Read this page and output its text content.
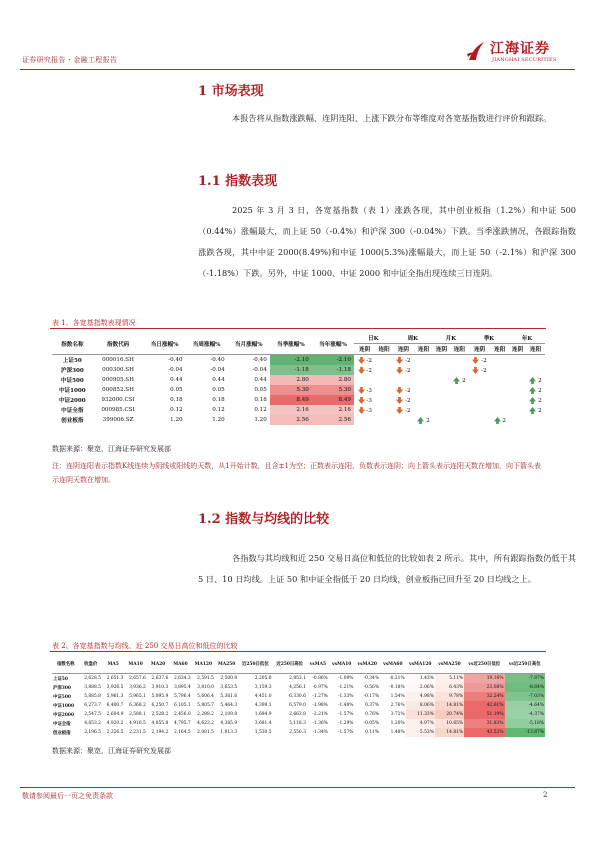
证券研究报告 · 金融工程报告
江海证券
JIANGHAI SECURITIES
1 市场表现
本报告将从指数涨跌幅、连阴连阳、上涨下跌分布等维度对各宽基指数进行评价和跟踪。
1.1 指数表现
2025 年 3 月 3 日，各宽基指数（表 1）涨跌各现，其中创业板指（1.2%）和中证 500（0.44%）涨幅最大，而上证 50（-0.4%）和沪深 300（-0.04%）下跌。当季涨跌情况，各跟踪指数涨跌各现，其中中证 2000(8.49%)和中证 1000(5.3%)涨幅最大，而上证 50（-2.1%）和沪深 300（-1.18%）下跌。另外，中证 1000、中证 2000 和中证全指出现连续三日连阴。
表 1、各宽基指数表现情况
指数名称	指数代码	当日涨幅%	当周涨幅%	当月涨幅%	当季涨幅%	当年涨幅%	日K		周K		月K		季K		年K	
							连阴	连阳	连阴	连阳	连阴	连阳	连阴	连阳	连阴	连阳
上证50	000016.SH	-0.40	-0.40	-0.40	-2.10	-2.10	-2		-2				-2			
沪深300	000300.SH	-0.04	-0.04	-0.04	-1.18	-1.18	-2		-2				-2			
中证500	000905.SH	0.44	0.44	0.44	2.80	2.80						2				2
中证1000	000852.SH	0.05	0.05	0.05	5.30	5.30	-3		-2							2
中证2000	932000.CSI	0.18	0.18	0.18	8.49	8.49	-3		-2							2
中证全指	000985.CSI	0.12	0.12	0.12	2.16	2.16	-3		-2							2
创业板指	399006.SZ	1.20	1.20	1.20	2.56	2.56				2				2		
数据来源：聚宽，江海证券研究发展部
注：连阴连阳表示指数K线连续为阴线或阳线的天数，从1开始计数，且含±1为空；正数表示连阳，负数表示连阴；向上箭头表示连阳天数在增加，向下箭头表示连阴天数在增加。
1.2 指数与均线的比较
各指数与其均线和近 250 交易日高位和低位的比较如表 2 所示。其中，所有跟踪指数仍低于其 5 日、10 日均线。上证 50 和中证全指低于 20 日均线，创业板指已回升至 20 日均线之上。
表 2、各宽基指数与均线、近 250 交易日高位和低位的比较
指数名称	收盘价	MA5	MA10	MA20	MA60	MA120	MA250	近250日低位	近250日高位	vsMA5	vsMA10	vsMA20	vsMA60	vsMA120	vsMA250	vs近250日低位	vs近250日高位
上证50	2,628.5	2,651.3	2,657.6	2,637.6	2,634.3	2,591.5	2,500.8	2,205.8	2,853.1	-0.86%	-1.09%	-0.34%	-0.21%	1.43%	5.11%	19.16%	-7.87%
沪深300	3,888.5	3,926.5	3,936.2	3,910.3	3,895.4	3,810.0	3,653.5	3,159.3	4,256.1	-0.97%	-1.21%	-0.56%	-0.18%	2.06%	6.43%	23.08%	-8.64%
中证500	5,885.8	5,961.3	5,965.1	5,895.9	5,796.4	5,606.4	5,361.6	4,451.0	6,330.6	-1.27%	-1.33%	-0.17%	1.54%	4.98%	9.78%	32.24%	-7.03%
中证1000	6,273.7	6,400.7	6,368.2	6,250.7	6,105.1	5,805.7	5,464.3	4,399.1	6,579.0	-1.98%	-1.48%	0.37%	2.76%	8.06%	14.81%	42.61%	-4.64%
中证2000	2,547.5	2,604.9	2,588.1	2,528.2	2,456.0	2,288.2	2,109.8	1,684.9	2,663.8	-2.21%	-1.57%	0.76%	3.72%	11.33%	20.74%	51.19%	-4.37%
中证全指	4,853.2	4,920.2	4,916.5	4,855.8	4,795.7	4,623.2	4,385.9	3,681.4	5,118.3	-1.36%	-1.29%	-0.05%	1.20%	4.97%	10.65%	31.83%	-5.18%
创业板指	2,196.5	2,226.5	2,231.5	2,194.2	2,164.5	2,081.5	1,913.3	1,530.5	2,550.3	-1.34%	-1.57%	0.11%	1.48%	5.53%	14.81%	43.52%	-13.87%
数据来源：聚宽，江海证券研究发展部
敬请参阅最后一页之免责条款	2
